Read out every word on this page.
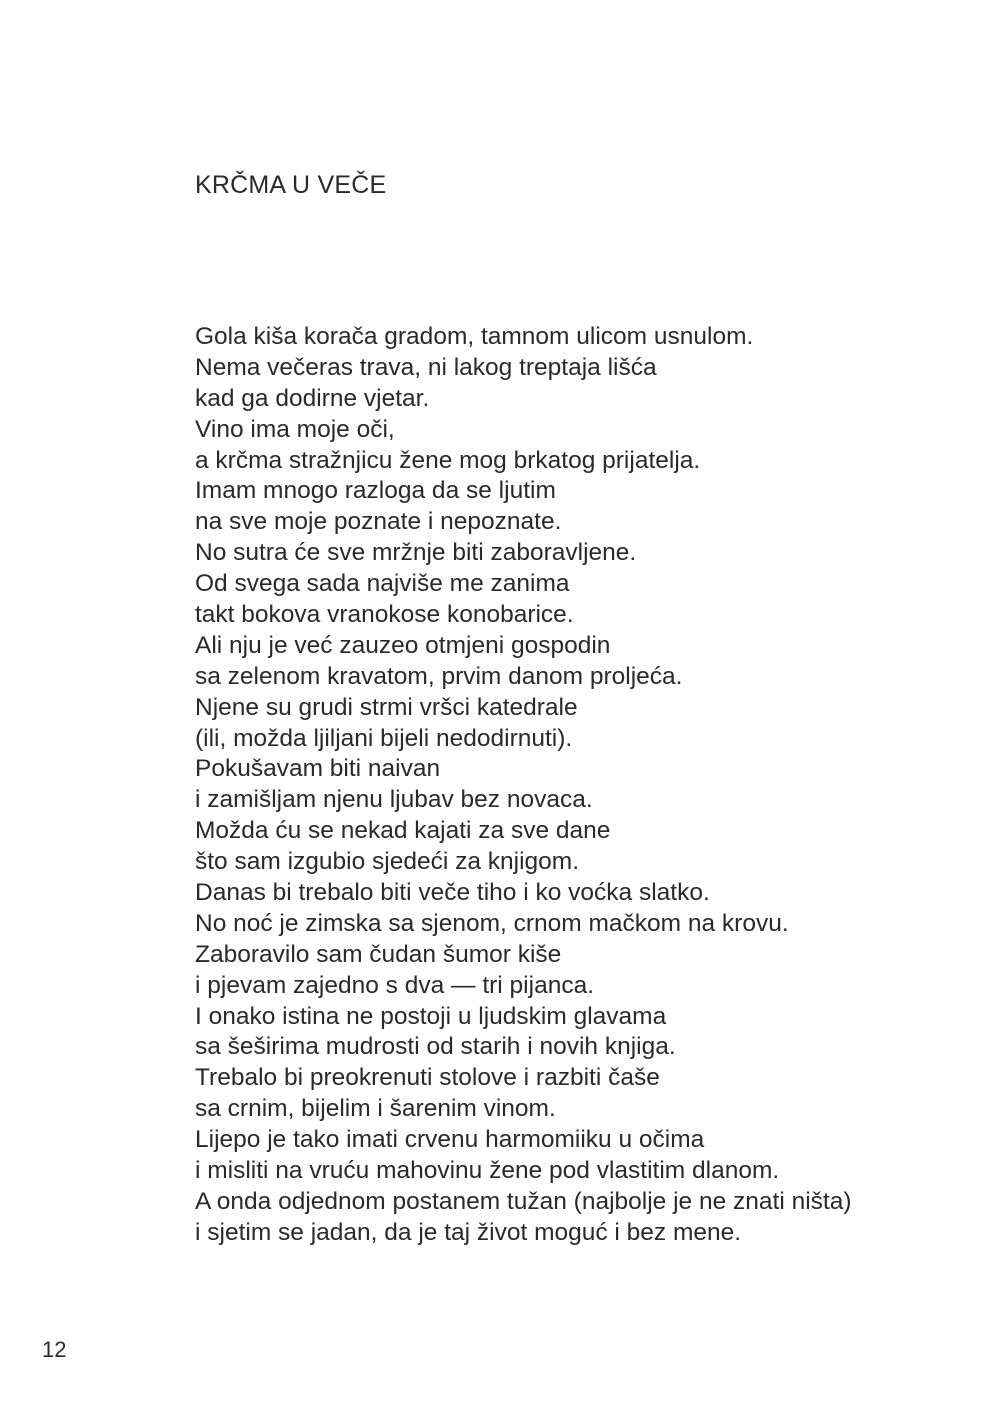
KRČMA U VEČE
Gola kiša korača gradom, tamnom ulicom usnulom.
Nema večeras trava, ni lakog treptaja lišća
kad ga dodirne vjetar.
Vino ima moje oči,
a krčma stražnjicu žene mog brkatog prijatelja.
Imam mnogo razloga da se ljutim
na sve moje poznate i nepoznate.
No sutra će sve mržnje biti zaboravljene.
Od svega sada najviše me zanima
takt bokova vranokose konobarice.
Ali nju je već zauzeo otmjeni gospodin
sa zelenom kravatom, prvim danom proljeća.
Njene su grudi strmi vršci katedrale
(ili, možda ljiljani bijeli nedodirnuti).
Pokušavam biti naivan
i zamišljam njenu ljubav bez novaca.
Možda ću se nekad kajati za sve dane
što sam izgubio sjedeći za knjigom.
Danas bi trebalo biti veče tiho i ko voćka slatko.
No noć je zimska sa sjenom, crnom mačkom na krovu.
Zaboravilo sam čudan šumor kiše
i pjevam zajedno s dva — tri pijanca.
I onako istina ne postoji u ljudskim glavama
sa šeširima mudrosti od starih i novih knjiga.
Trebalo bi preokrenuti stolove i razbiti čaše
sa crnim, bijelim i šarenim vinom.
Lijepo je tako imati crvenu harmomiiku u očima
i misliti na vruću mahovinu žene pod vlastitim dlanom.
A onda odjednom postanem tužan (najbolje je ne znati ništa)
i sjetim se jadan, da je taj život moguć i bez mene.
12
